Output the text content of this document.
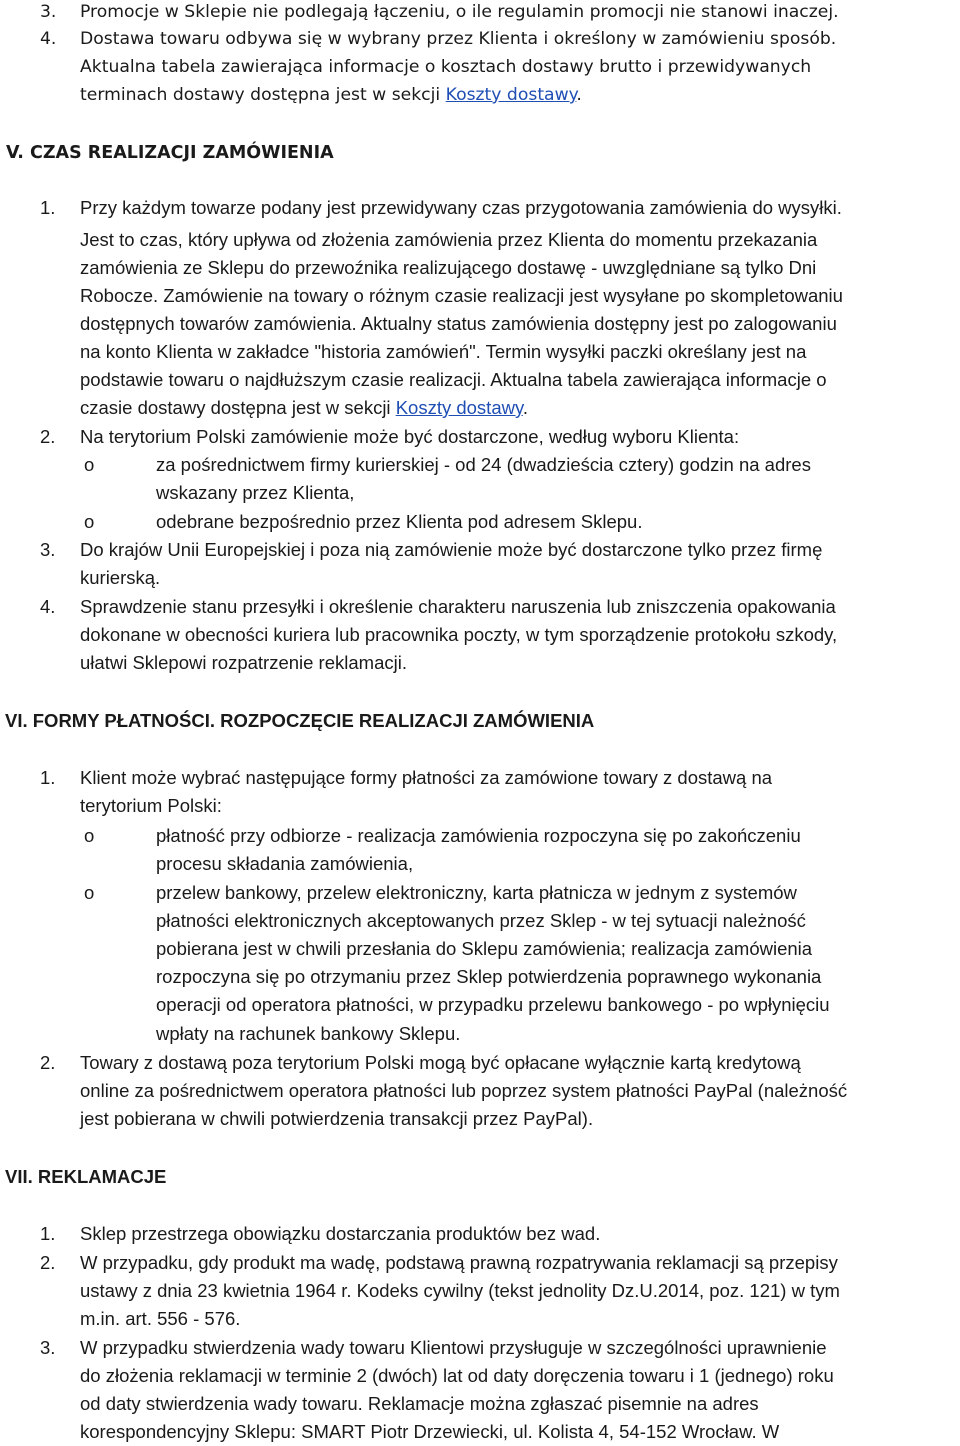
3. Promocje w Sklepie nie podlegają łączeniu, o ile regulamin promocji nie stanowi inaczej.
4. Dostawa towaru odbywa się w wybrany przez Klienta i określony w zamówieniu sposób.
Aktualna tabela zawierająca informacje o kosztach dostawy brutto i przewidywanych
terminach dostawy dostępna jest w sekcji Koszty dostawy.
V. CZAS REALIZACJI ZAMÓWIENIA
1. Przy każdym towarze podany jest przewidywany czas przygotowania zamówienia do wysyłki.
Jest to czas, który upływa od złożenia zamówienia przez Klienta do momentu przekazania
zamówienia ze Sklepu do przewoźnika realizującego dostawę - uwzględniane są tylko Dni
Robocze. Zamówienie na towary o różnym czasie realizacji jest wysyłane po skompletowaniu
dostępnych towarów zamówienia. Aktualny status zamówienia dostępny jest po zalogowaniu
na konto Klienta w zakładce "historia zamówień". Termin wysyłki paczki określany jest na
podstawie towaru o najdłuższym czasie realizacji. Aktualna tabela zawierająca informacje o
czasie dostawy dostępna jest w sekcji Koszty dostawy.
2. Na terytorium Polski zamówienie może być dostarczone, według wyboru Klienta:
o	za pośrednictwem firmy kurierskiej - od 24 (dwadzieścia cztery) godzin na adres
wskazany przez Klienta,
o	odebrane bezpośrednio przez Klienta pod adresem Sklepu.
3. Do krajów Unii Europejskiej i poza nią zamówienie może być dostarczone tylko przez firmę
kurierską.
4. Sprawdzenie stanu przesyłki i określenie charakteru naruszenia lub zniszczenia opakowania
dokonane w obecności kuriera lub pracownika poczty, w tym sporządzenie protokołu szkody,
ułatwi Sklepowi rozpatrzenie reklamacji.
VI. FORMY PŁATNOŚCI. ROZPOCZĘCIE REALIZACJI ZAMÓWIENIA
1. Klient może wybrać następujące formy płatności za zamówione towary z dostawą na
terytorium Polski:
o	płatność przy odbiorze - realizacja zamówienia rozpoczyna się po zakończeniu
procesu składania zamówienia,
o	przelew bankowy, przelew elektroniczny, karta płatnicza w jednym z systemów
płatności elektronicznych akceptowanych przez Sklep - w tej sytuacji należność
pobierana jest w chwili przesłania do Sklepu zamówienia; realizacja zamówienia
rozpoczyna się po otrzymaniu przez Sklep potwierdzenia poprawnego wykonania
operacji od operatora płatności, w przypadku przelewu bankowego - po wpłynięciu
wpłaty na rachunek bankowy Sklepu.
2. Towary z dostawą poza terytorium Polski mogą być opłacane wyłącznie kartą kredytową
online za pośrednictwem operatora płatności lub poprzez system płatności PayPal (należność
jest pobierana w chwili potwierdzenia transakcji przez PayPal).
VII. REKLAMACJE
1. Sklep przestrzega obowiązku dostarczania produktów bez wad.
2. W przypadku, gdy produkt ma wadę, podstawą prawną rozpatrywania reklamacji są przepisy
ustawy z dnia 23 kwietnia 1964 r. Kodeks cywilny (tekst jednolity Dz.U.2014, poz. 121) w tym
m.in. art. 556 - 576.
3. W przypadku stwierdzenia wady towaru Klientowi przysługuje w szczególności uprawnienie
do złożenia reklamacji w terminie 2 (dwóch) lat od daty doręczenia towaru i 1 (jednego) roku
od daty stwierdzenia wady towaru. Reklamacje można zgłaszać pisemnie na adres
korespondencyjny Sklepu: SMART Piotr Drzewiecki, ul. Kolista 4, 54-152 Wrocław. W
